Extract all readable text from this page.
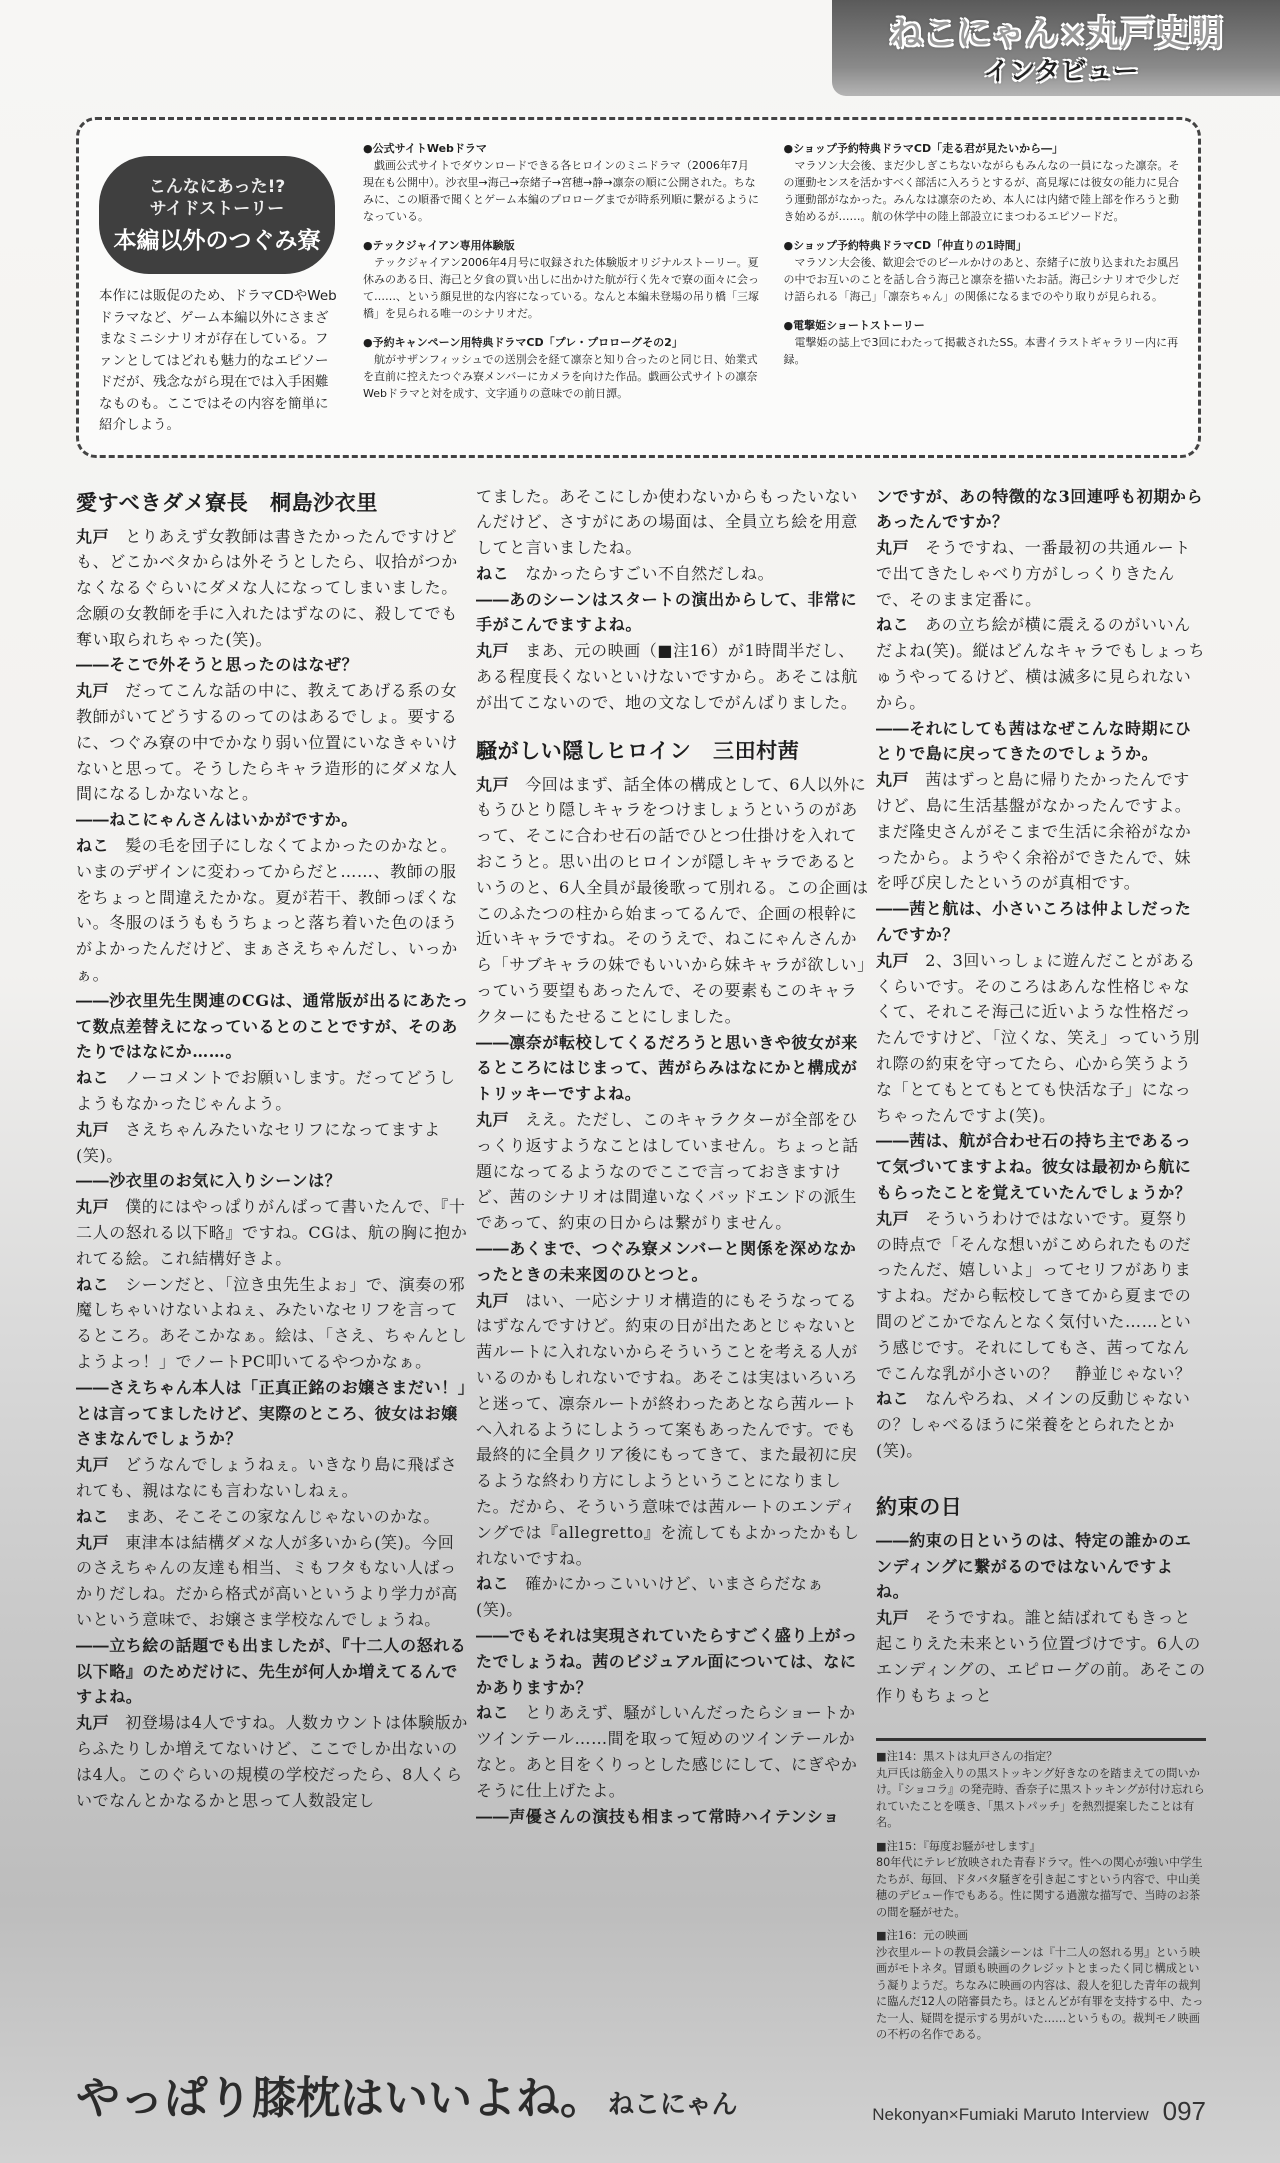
ねこにゃん×丸戸史明
インタビュー
こんなにあった!?
サイドストーリー
本編以外のつぐみ寮
本作には販促のため、ドラマCDやWebドラマなど、ゲーム本編以外にさまざまなミニシナリオが存在している。ファンとしてはどれも魅力的なエピソードだが、残念ながら現在では入手困難なものも。ここではその内容を簡単に紹介しよう。
●公式サイトWebドラマ
戯画公式サイトでダウンロードできる各ヒロインのミニドラマ（2006年7月現在も公開中）。沙衣里→海己→奈緒子→宮穂→静→凛奈の順に公開された。ちなみに、この順番で聞くとゲーム本編のプロローグまでが時系列順に繋がるようになっている。
●テックジャイアン専用体験版
テックジャイアン2006年4月号に収録された体験版オリジナルストーリー。夏休みのある日、海己と夕食の買い出しに出かけた航が行く先々で寮の面々に会って……、という顔見世的な内容になっている。なんと本編未登場の吊り橋「三塚橋」を見られる唯一のシナリオだ。
●予約キャンペーン用特典ドラマCD「プレ・プロローグその2」
航がサザンフィッシュでの送別会を経て凛奈と知り合ったのと同じ日、始業式を直前に控えたつぐみ寮メンバーにカメラを向けた作品。戯画公式サイトの凛奈Webドラマと対を成す、文字通りの意味での前日譚。
●ショップ予約特典ドラマCD「走る君が見たいから―」
マラソン大会後、まだ少しぎこちないながらもみんなの一員になった凛奈。その運動センスを活かすべく部活に入ろうとするが、高見塚には彼女の能力に見合う運動部がなかった。みんなは凛奈のため、本人には内緒で陸上部を作ろうと動き始めるが……。航の休学中の陸上部設立にまつわるエピソードだ。
●ショップ予約特典ドラマCD「仲直りの1時間」
マラソン大会後、歓迎会でのビールかけのあと、奈緒子に放り込まれたお風呂の中でお互いのことを話し合う海己と凛奈を描いたお話。海己シナリオで少しだけ語られる「海己」「凛奈ちゃん」の関係になるまでのやり取りが見られる。
●電撃姫ショートストーリー
電撃姫の誌上で3回にわたって掲載されたSS。本書イラストギャラリー内に再録。
愛すべきダメ寮長　桐島沙衣里
丸戸 とりあえず女教師は書きたかったんですけども、どこかベタからは外そうとしたら、収拾がつかなくなるぐらいにダメな人になってしまいました。念願の女教師を手に入れたはずなのに、殺してでも奪い取られちゃった(笑)。
――そこで外そうと思ったのはなぜ？
丸戸 だってこんな話の中に、教えてあげる系の女教師がいてどうするのってのはあるでしょ。要するに、つぐみ寮の中でかなり弱い位置にいなきゃいけないと思って。そうしたらキャラ造形的にダメな人間になるしかないなと。
――ねこにゃんさんはいかがですか。
ねこ 髪の毛を団子にしなくてよかったのかなと。いまのデザインに変わってからだと……、教師の服をちょっと間違えたかな。夏が若干、教師っぽくない。冬服のほうももうちょっと落ち着いた色のほうがよかったんだけど、まぁさえちゃんだし、いっかぁ。
――沙衣里先生関連のCGは、通常版が出るにあたって数点差替えになっているとのことですが、そのあたりではなにか……。
ねこ ノーコメントでお願いします。だってどうしようもなかったじゃんよう。
丸戸 さえちゃんみたいなセリフになってますよ(笑)。
――沙衣里のお気に入りシーンは？
丸戸 僕的にはやっぱりがんばって書いたんで、『十二人の怒れる以下略』ですね。CGは、航の胸に抱かれてる絵。これ結構好きよ。
ねこ シーンだと、「泣き虫先生よぉ」で、演奏の邪魔しちゃいけないよねぇ、みたいなセリフを言ってるところ。あそこかなぁ。絵は、「さえ、ちゃんとしようよっ！」でノートPC叩いてるやつかなぁ。
――さえちゃん本人は「正真正銘のお嬢さまだい！」とは言ってましたけど、実際のところ、彼女はお嬢さまなんでしょうか？
丸戸 どうなんでしょうねぇ。いきなり島に飛ばされても、親はなにも言わないしねぇ。
ねこ まあ、そこそこの家なんじゃないのかな。
丸戸 東津本は結構ダメな人が多いから(笑)。今回のさえちゃんの友達も相当、ミもフタもない人ばっかりだしね。だから格式が高いというより学力が高いという意味で、お嬢さま学校なんでしょうね。
――立ち絵の話題でも出ましたが、『十二人の怒れる以下略』のためだけに、先生が何人か増えてるんですよね。
丸戸 初登場は4人ですね。人数カウントは体験版からふたりしか増えてないけど、ここでしか出ないのは4人。このぐらいの規模の学校だったら、8人くらいでなんとかなるかと思って人数設定し
てました。あそこにしか使わないからもったいないんだけど、さすがにあの場面は、全員立ち絵を用意してと言いましたね。
ねこ なかったらすごい不自然だしね。
――あのシーンはスタートの演出からして、非常に手がこんでますよね。
丸戸 まあ、元の映画（■注16）が1時間半だし、ある程度長くないといけないですから。あそこは航が出てこないので、地の文なしでがんばりました。
騒がしい隠しヒロイン　三田村茜
丸戸 今回はまず、話全体の構成として、6人以外にもうひとり隠しキャラをつけましょうというのがあって、そこに合わせ石の話でひとつ仕掛けを入れておこうと。思い出のヒロインが隠しキャラであるというのと、6人全員が最後歌って別れる。この企画はこのふたつの柱から始まってるんで、企画の根幹に近いキャラですね。そのうえで、ねこにゃんさんから「サブキャラの妹でもいいから妹キャラが欲しい」っていう要望もあったんで、その要素もこのキャラクターにもたせることにしました。
――凛奈が転校してくるだろうと思いきや彼女が来るところにはじまって、茜がらみはなにかと構成がトリッキーですよね。
丸戸 ええ。ただし、このキャラクターが全部をひっくり返すようなことはしていません。ちょっと話題になってるようなのでここで言っておきますけど、茜のシナリオは間違いなくバッドエンドの派生であって、約束の日からは繋がりません。
――あくまで、つぐみ寮メンバーと関係を深めなかったときの未来図のひとつと。
丸戸 はい、一応シナリオ構造的にもそうなってるはずなんですけど。約束の日が出たあとじゃないと茜ルートに入れないからそういうことを考える人がいるのかもしれないですね。あそこは実はいろいろと迷って、凛奈ルートが終わったあとなら茜ルートへ入れるようにしようって案もあったんです。でも最終的に全員クリア後にもってきて、また最初に戻るような終わり方にしようということになりました。だから、そういう意味では茜ルートのエンディングでは『allegretto』を流してもよかったかもしれないですね。
ねこ 確かにかっこいいけど、いまさらだなぁ(笑)。
――でもそれは実現されていたらすごく盛り上がったでしょうね。茜のビジュアル面については、なにかありますか？
ねこ とりあえず、騒がしいんだったらショートかツインテール……間を取って短めのツインテールかなと。あと目をくりっとした感じにして、にぎやかそうに仕上げたよ。
――声優さんの演技も相まって常時ハイテンショ
ンですが、あの特徴的な3回連呼も初期からあったんですか？
丸戸 そうですね、一番最初の共通ルートで出てきたしゃべり方がしっくりきたんで、そのまま定番に。
ねこ あの立ち絵が横に震えるのがいいんだよね(笑)。縦はどんなキャラでもしょっちゅうやってるけど、横は滅多に見られないから。
――それにしても茜はなぜこんな時期にひとりで島に戻ってきたのでしょうか。
丸戸 茜はずっと島に帰りたかったんですけど、島に生活基盤がなかったんですよ。まだ隆史さんがそこまで生活に余裕がなかったから。ようやく余裕ができたんで、妹を呼び戻したというのが真相です。
――茜と航は、小さいころは仲よしだったんですか？
丸戸 2、3回いっしょに遊んだことがあるくらいです。そのころはあんな性格じゃなくて、それこそ海己に近いような性格だったんですけど、「泣くな、笑え」っていう別れ際の約束を守ってたら、心から笑うような「とてもとてもとても快活な子」になっちゃったんですよ(笑)。
――茜は、航が合わせ石の持ち主であるって気づいてますよね。彼女は最初から航にもらったことを覚えていたんでしょうか？
丸戸 そういうわけではないです。夏祭りの時点で「そんな想いがこめられたものだったんだ、嬉しいよ」ってセリフがありますよね。だから転校してきてから夏までの間のどこかでなんとなく気付いた……という感じです。それにしてもさ、茜ってなんでこんな乳が小さいの？　静並じゃない？
ねこ なんやろね、メインの反動じゃないの？しゃべるほうに栄養をとられたとか(笑)。
約束の日
――約束の日というのは、特定の誰かのエンディングに繋がるのではないんですよね。
丸戸 そうですね。誰と結ばれてもきっと起こりえた未来という位置づけです。6人のエンディングの、エピローグの前。あそこの作りもちょっと
■注14：黒ストは丸戸さんの指定？
丸戸氏は筋金入りの黒ストッキング好きなのを踏まえての問いかけ。『ショコラ』の発売時、香奈子に黒ストッキングが付け忘れられていたことを嘆き、「黒ストパッチ」を熱烈提案したことは有名。
■注15：『毎度お騒がせします』
80年代にテレビ放映された青春ドラマ。性への関心が強い中学生たちが、毎回、ドタバタ騒ぎを引き起こすという内容で、中山美穂のデビュー作でもある。性に関する過激な描写で、当時のお茶の間を騒がせた。
■注16：元の映画
沙衣里ルートの教員会議シーンは『十二人の怒れる男』という映画がモトネタ。冒頭も映画のクレジットとまったく同じ構成という凝りようだ。ちなみに映画の内容は、殺人を犯した青年の裁判に臨んだ12人の陪審員たち。ほとんどが有罪を支持する中、たった一人、疑問を提示する男がいた……というもの。裁判モノ映画の不朽の名作である。
やっぱり膝枕はいいよね。 ねこにゃん	Nekonyan×Fumiaki Maruto Interview 097
